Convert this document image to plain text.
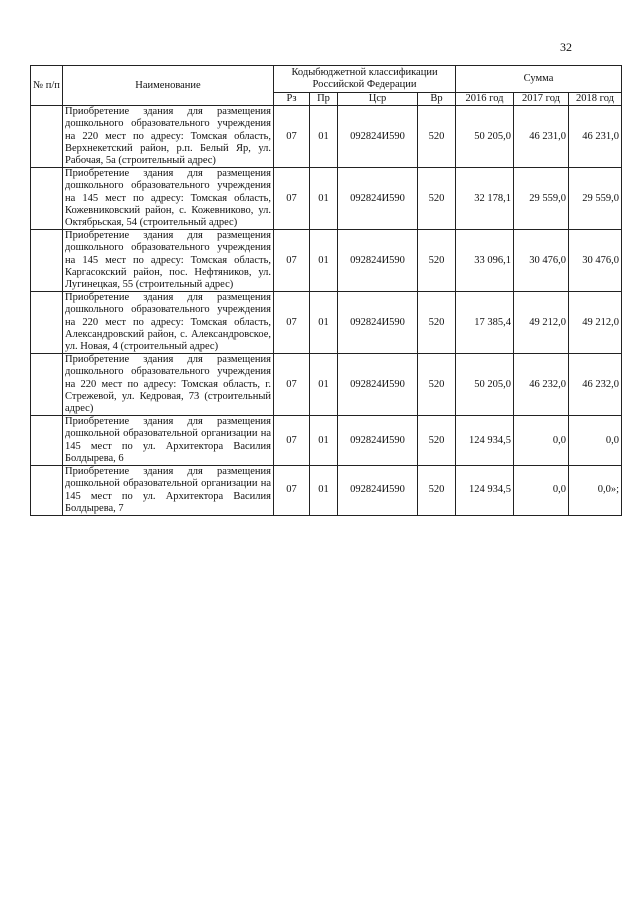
32
№ п/п	Наименование	Кодыбюджетной классификации Российской Федерации				Сумма		
		Рз	Пр	Цср	Вр	2016 год	2017 год	2018 год
	Приобретение здания для размещения дошкольного образовательного учреждения на 220 мест по адресу: Томская область, Верхнекетский район, р.п. Белый Яр, ул. Рабочая, 5а (строительный адрес)	07	01	092824И590	520	50 205,0	46 231,0	46 231,0
	Приобретение здания для размещения дошкольного образовательного учреждения на 145 мест по адресу: Томская область, Кожевниковский район, с. Кожевниково, ул. Октябрьская, 54 (строительный адрес)	07	01	092824И590	520	32 178,1	29 559,0	29 559,0
	Приобретение здания для размещения дошкольного образовательного учреждения на 145 мест по адресу: Томская область, Каргасокский район, пос. Нефтяников, ул. Лугинецкая, 55 (строительный адрес)	07	01	092824И590	520	33 096,1	30 476,0	30 476,0
	Приобретение здания для размещения дошкольного образовательного учреждения на 220 мест по адресу: Томская область, Александровский район, с. Александровское, ул. Новая, 4 (строительный адрес)	07	01	092824И590	520	17 385,4	49 212,0	49 212,0
	Приобретение здания для размещения дошкольного образовательного учреждения на 220 мест по адресу: Томская область, г. Стрежевой, ул. Кедровая, 73 (строительный адрес)	07	01	092824И590	520	50 205,0	46 232,0	46 232,0
	Приобретение здания для размещения дошкольной образовательной организации на 145 мест по ул. Архитектора Василия Болдырева, 6	07	01	092824И590	520	124 934,5	0,0	0,0
	Приобретение здания для размещения дошкольной образовательной организации на 145 мест по ул. Архитектора Василия Болдырева, 7	07	01	092824И590	520	124 934,5	0,0	0,0»;
